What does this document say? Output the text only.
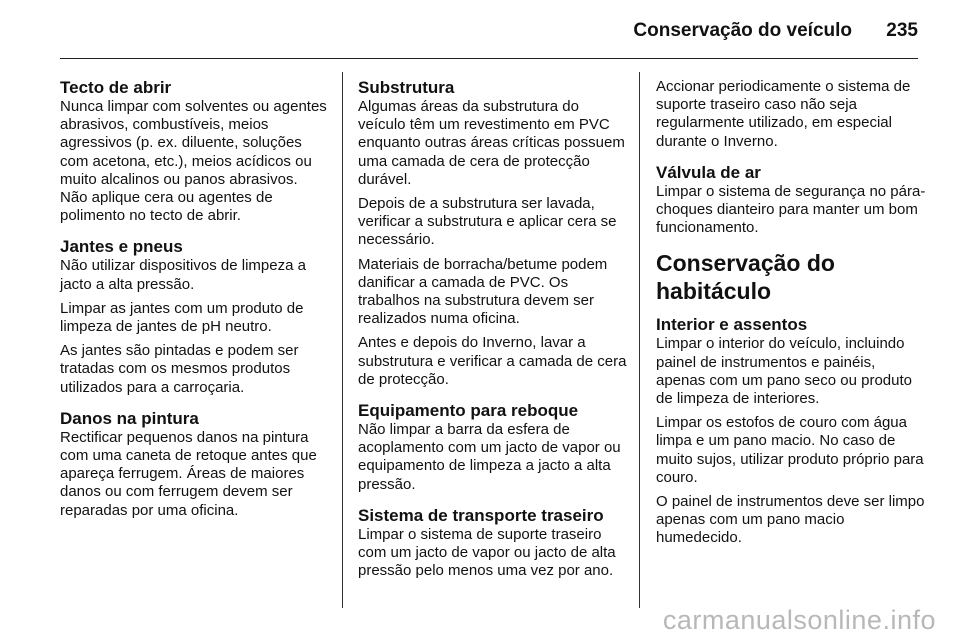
Conservação do veículo 235
Tecto de abrir

Nunca limpar com solventes ou agentes abrasivos, combustíveis, meios agressivos (p. ex. diluente, soluções com acetona, etc.), meios acídicos ou muito alcalinos ou panos abrasivos. Não aplique cera ou agentes de polimento no tecto de abrir.

Jantes e pneus

Não utilizar dispositivos de limpeza a jacto a alta pressão.

Limpar as jantes com um produto de limpeza de jantes de pH neutro.

As jantes são pintadas e podem ser tratadas com os mesmos produtos utilizados para a carroçaria.

Danos na pintura

Rectificar pequenos danos na pintura com uma caneta de retoque antes que apareça ferrugem. Áreas de maiores danos ou com ferrugem devem ser reparadas por uma oficina.

Substrutura

Algumas áreas da substrutura do veículo têm um revestimento em PVC enquanto outras áreas críticas possuem uma camada de cera de protecção durável.

Depois de a substrutura ser lavada, verificar a substrutura e aplicar cera se necessário.

Materiais de borracha/betume podem danificar a camada de PVC. Os trabalhos na substrutura devem ser realizados numa oficina.

Antes e depois do Inverno, lavar a substrutura e verificar a camada de cera de protecção.

Equipamento para reboque

Não limpar a barra da esfera de acoplamento com um jacto de vapor ou equipamento de limpeza a jacto a alta pressão.

Sistema de transporte traseiro

Limpar o sistema de suporte traseiro com um jacto de vapor ou jacto de alta pressão pelo menos uma vez por ano.

Accionar periodicamente o sistema de suporte traseiro caso não seja regularmente utilizado, em especial durante o Inverno.

Válvula de ar

Limpar o sistema de segurança no pára-choques dianteiro para manter um bom funcionamento.

Conservação do habitáculo
Interior e assentos

Limpar o interior do veículo, incluindo painel de instrumentos e painéis, apenas com um pano seco ou produto de limpeza de interiores.

Limpar os estofos de couro com água limpa e um pano macio. No caso de muito sujos, utilizar produto próprio para couro.

O painel de instrumentos deve ser limpo apenas com um pano macio humedecido.

carmanualsonline.info
